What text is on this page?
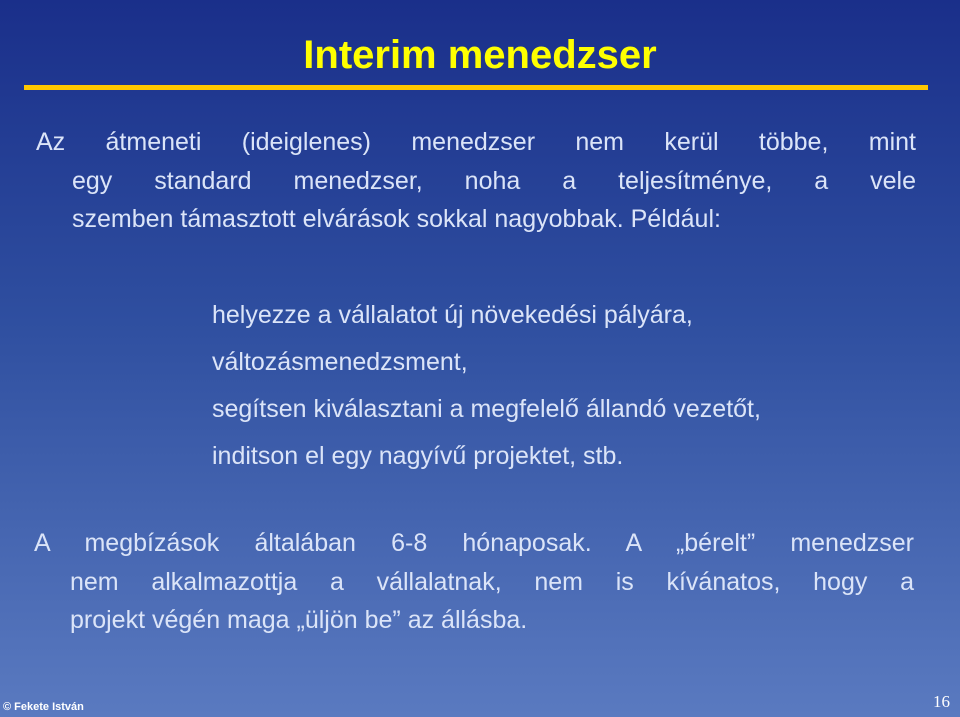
Interim menedzser
Az átmeneti (ideiglenes) menedzser nem kerül többe, mint
egy standard menedzser, noha a teljesítménye, a vele
szemben támasztott elvárások sokkal nagyobbak. Például:
helyezze a vállalatot új növekedési pályára,
változásmenedzsment,
segítsen kiválasztani a megfelelő állandó vezetőt,
inditson el egy nagyívű projektet, stb.
A megbízások általában 6-8 hónaposak. A „bérelt” menedzser
nem alkalmazottja a vállalatnak, nem is kívánatos, hogy a
projekt végén maga „üljön be” az állásba.
© Fekete István	16
